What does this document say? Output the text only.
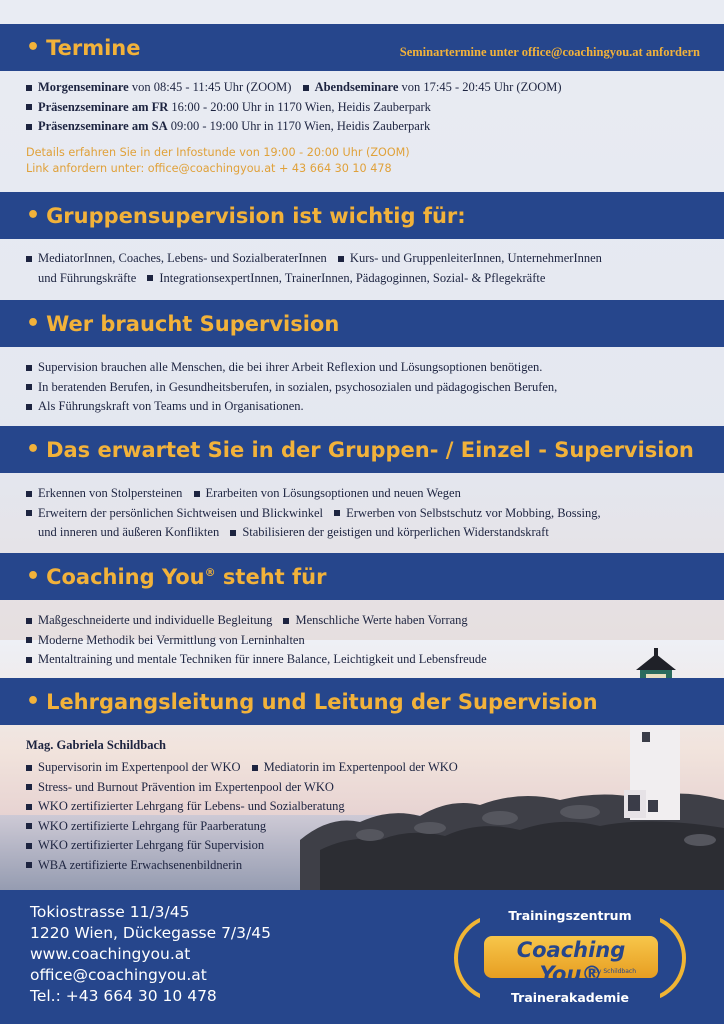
• Termine	Seminartermine unter office@coachingyou.at anfordern
Morgenseminare von 08:45 - 11:45 Uhr (ZOOM) Abendseminare von 17:45 - 20:45 Uhr (ZOOM)
Präsenzseminare am FR 16:00 - 20:00 Uhr in 1170 Wien, Heidis Zauberpark
Präsenzseminare am SA 09:00 - 19:00 Uhr in 1170 Wien, Heidis Zauberpark
Details erfahren Sie in der Infostunde von 19:00 - 20:00 Uhr (ZOOM)
Link anfordern unter: office@coachingyou.at + 43 664 30 10 478
• Gruppensupervision ist wichtig für:
MediatorInnen, Coaches, Lebens- und SozialberaterInnen Kurs- und GruppenleiterInnen, UnternehmerInnen
und Führungskräfte IntegrationsexpertInnen, TrainerInnen, Pädagoginnen, Sozial- & Pflegekräfte
• Wer braucht Supervision
Supervision brauchen alle Menschen, die bei ihrer Arbeit Reflexion und Lösungsoptionen benötigen.
In beratenden Berufen, in Gesundheitsberufen, in sozialen, psychosozialen und pädagogischen Berufen,
Als Führungskraft von Teams und in Organisationen.
• Das erwartet Sie in der Gruppen- / Einzel - Supervision
Erkennen von Stolpersteinen Erarbeiten von Lösungsoptionen und neuen Wegen
Erweitern der persönlichen Sichtweisen und Blickwinkel Erwerben von Selbstschutz vor Mobbing, Bossing,
und inneren und äußeren Konflikten Stabilisieren der geistigen und körperlichen Widerstandskraft
• Coaching You® steht für
Maßgeschneiderte und individuelle Begleitung Menschliche Werte haben Vorrang
Moderne Methodik bei Vermittlung von Lerninhalten
Mentaltraining und mentale Techniken für innere Balance, Leichtigkeit und Lebensfreude
• Lehrgangsleitung und Leitung der Supervision
Mag. Gabriela Schildbach
Supervisorin im Expertenpool der WKO Mediatorin im Expertenpool der WKO
Stress- und Burnout Prävention im Expertenpool der WKO
WKO zertifizierter Lehrgang für Lebens- und Sozialberatung
WKO zertifizierte Lehrgang für Paarberatung
WKO zertifizierter Lehrgang für Supervision
WBA zertifizierte Erwachsenenbildnerin
Tokiostrasse 11/3/45
1220 Wien, Dückegasse 7/3/45
www.coachingyou.at
office@coachingyou.at
Tel.: +43 664 30 10 478
Trainingszentrum
Coaching You®
by Schildbach
Trainerakademie
